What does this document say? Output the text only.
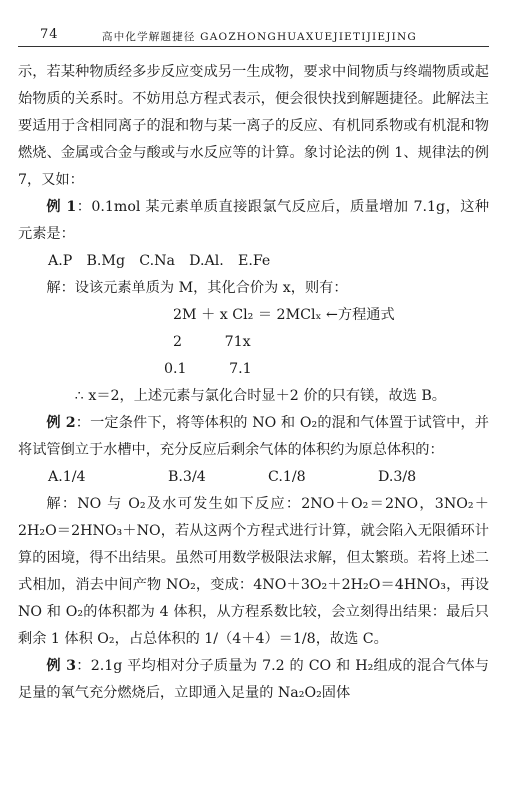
74	高中化学解题捷径 GAOZHONGHUAXUEJIETIJIEJING

示，若某种物质经多步反应变成另一生成物，要求中间物质与终端物质或起始物质的关系时。不妨用总方程式表示，便会很快找到解题捷径。此解法主要适用于含相同离子的混和物与某一离子的反应、有机同系物或有机混和物燃烧、金属或合金与酸或与水反应等的计算。象讨论法的例 1、规律法的例 7，又如：

例 1：0.1mol 某元素单质直接跟氯气反应后，质量增加 7.1g，这种元素是：

A.P　B.Mg　C.Na　D.Al.　E.Fe

解：设该元素单质为 M，其化合价为 x，则有：

2M ＋ x Cl₂ ＝ 2MClₓ ←方程通式

2　　　71x

0.1　　　7.1

∴ x＝2，上述元素与氯化合时显＋2 价的只有镁，故选 B。

例 2：一定条件下，将等体积的 NO 和 O₂的混和气体置于试管中，并将试管倒立于水槽中，充分反应后剩余气体的体积约为原总体积的：

A.1/4	B.3/4	C.1/8	D.3/8

解：NO 与 O₂及水可发生如下反应：2NO＋O₂＝2NO，3NO₂＋2H₂O＝2HNO₃＋NO，若从这两个方程式进行计算，就会陷入无限循环计算的困境，得不出结果。虽然可用数学极限法求解，但太繁琐。若将上述二式相加，消去中间产物 NO₂，变成：4NO＋3O₂＋2H₂O＝4HNO₃，再设 NO 和 O₂的体积都为 4 体积，从方程系数比较，会立刻得出结果：最后只剩余 1 体积 O₂，占总体积的 1/（4＋4）＝1/8，故选 C。

例 3：2.1g 平均相对分子质量为 7.2 的 CO 和 H₂组成的混合气体与足量的氧气充分燃烧后，立即通入足量的 Na₂O₂固体
